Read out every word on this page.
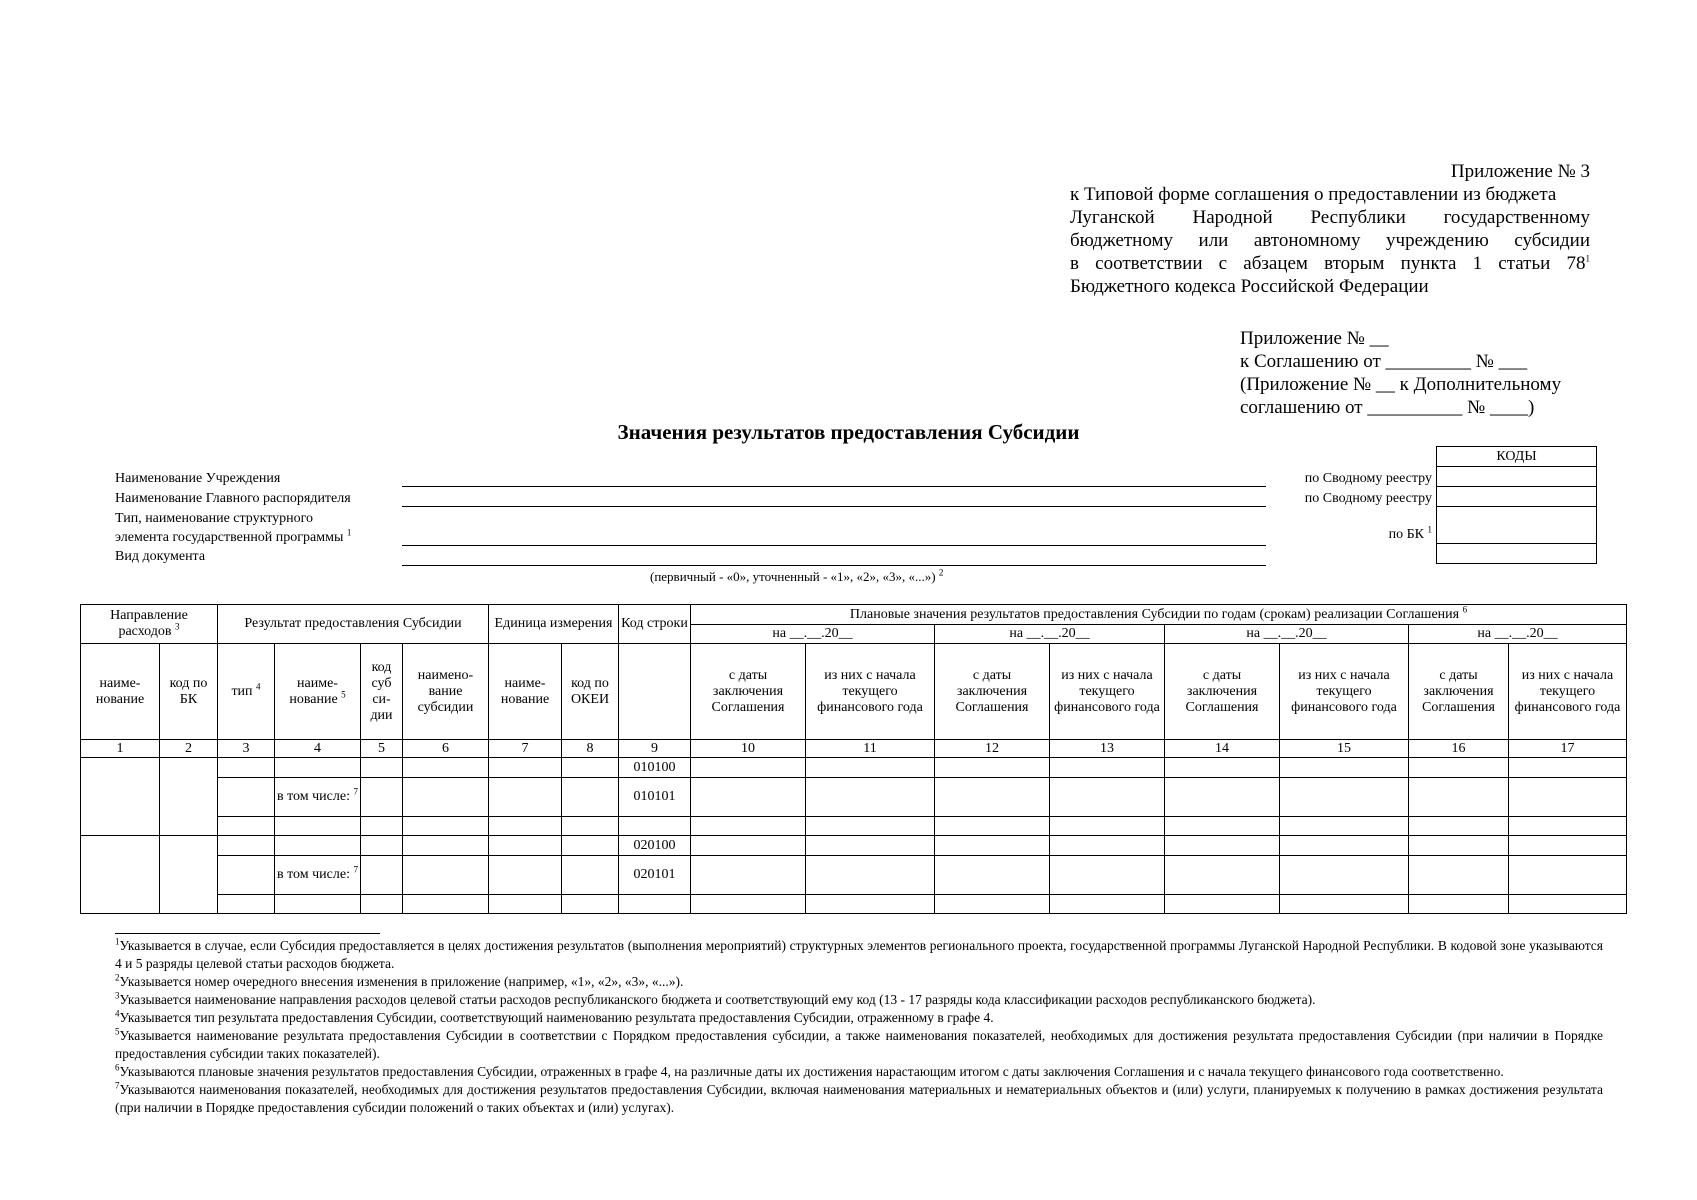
Приложение № 3
к Типовой форме соглашения о предоставлении из бюджета
Луганской Народной Республики государственному
бюджетному или автономному учреждению субсидии
в соответствии с абзацем вторым пункта 1 статьи $78^1$
Бюджетного кодекса Российской Федерации
Приложение № __
к Соглашению от _________ № ___
(Приложение № __ к Дополнительному
соглашению от __________ № ____)
Значения результатов предоставления Субсидии
Наименование Учреждения
Наименование Главного распорядителя
Тип, наименование структурного
элемента государственной программы $^1$
Вид документа
(первичный - «0», уточненный - «1», «2», «3», «...») $^2$
по Сводному реестру
по Сводному реестру
по БК $^1$
КОДЫ

Направление расходов $^3$		Результат предоставления Субсидии				Единица измерения		Код строки	Плановые значения результатов предоставления Субсидии по годам (срокам) реализации Соглашения $^6$
									на __.__.20__		на __.__.20__		на __.__.20__		на __.__.20__	
наиме-нование	код по БК	тип $^4$	наиме-нование $^5$	код суб си-дии	наимено-вание субсидии	наиме-нование	код по ОКЕИ		с даты заключения Соглашения	из них с начала текущего финансового года	с даты заключения Соглашения	из них с начала текущего финансового года	с даты заключения Соглашения	из них с начала текущего финансового года	с даты заключения Соглашения	из них с начала текущего финансового года
1	2	3	4	5	6	7	8	9	10	11	12	13	14	15	16	17
								010100								
			в том числе: $^7$					010101								

								020100								
			в том числе: $^7$					020101								

$^1$Указывается в случае, если Субсидия предоставляется в целях достижения результатов (выполнения мероприятий) структурных элементов регионального проекта, государственной программы Луганской Народной Республики. В кодовой зоне указываются 4 и 5 разряды целевой статьи расходов бюджета.
$^2$Указывается номер очередного внесения изменения в приложение (например, «1», «2», «3», «...»).
$^3$Указывается наименование направления расходов целевой статьи расходов республиканского бюджета и соответствующий ему код (13 - 17 разряды кода классификации расходов республиканского бюджета).
$^4$Указывается тип результата предоставления Субсидии, соответствующий наименованию результата предоставления Субсидии, отраженному в графе 4.
$^5$Указывается наименование результата предоставления Субсидии в соответствии с Порядком предоставления субсидии, а также наименования показателей, необходимых для достижения результата предоставления Субсидии (при наличии в Порядке предоставления субсидии таких показателей).
$^6$Указываются плановые значения результатов предоставления Субсидии, отраженных в графе 4, на различные даты их достижения нарастающим итогом с даты заключения Соглашения и с начала текущего финансового года соответственно.
$^7$Указываются наименования показателей, необходимых для достижения результатов предоставления Субсидии, включая наименования материальных и нематериальных объектов и (или) услуги, планируемых к получению в рамках достижения результата (при наличии в Порядке предоставления субсидии положений о таких объектах и (или) услугах).
